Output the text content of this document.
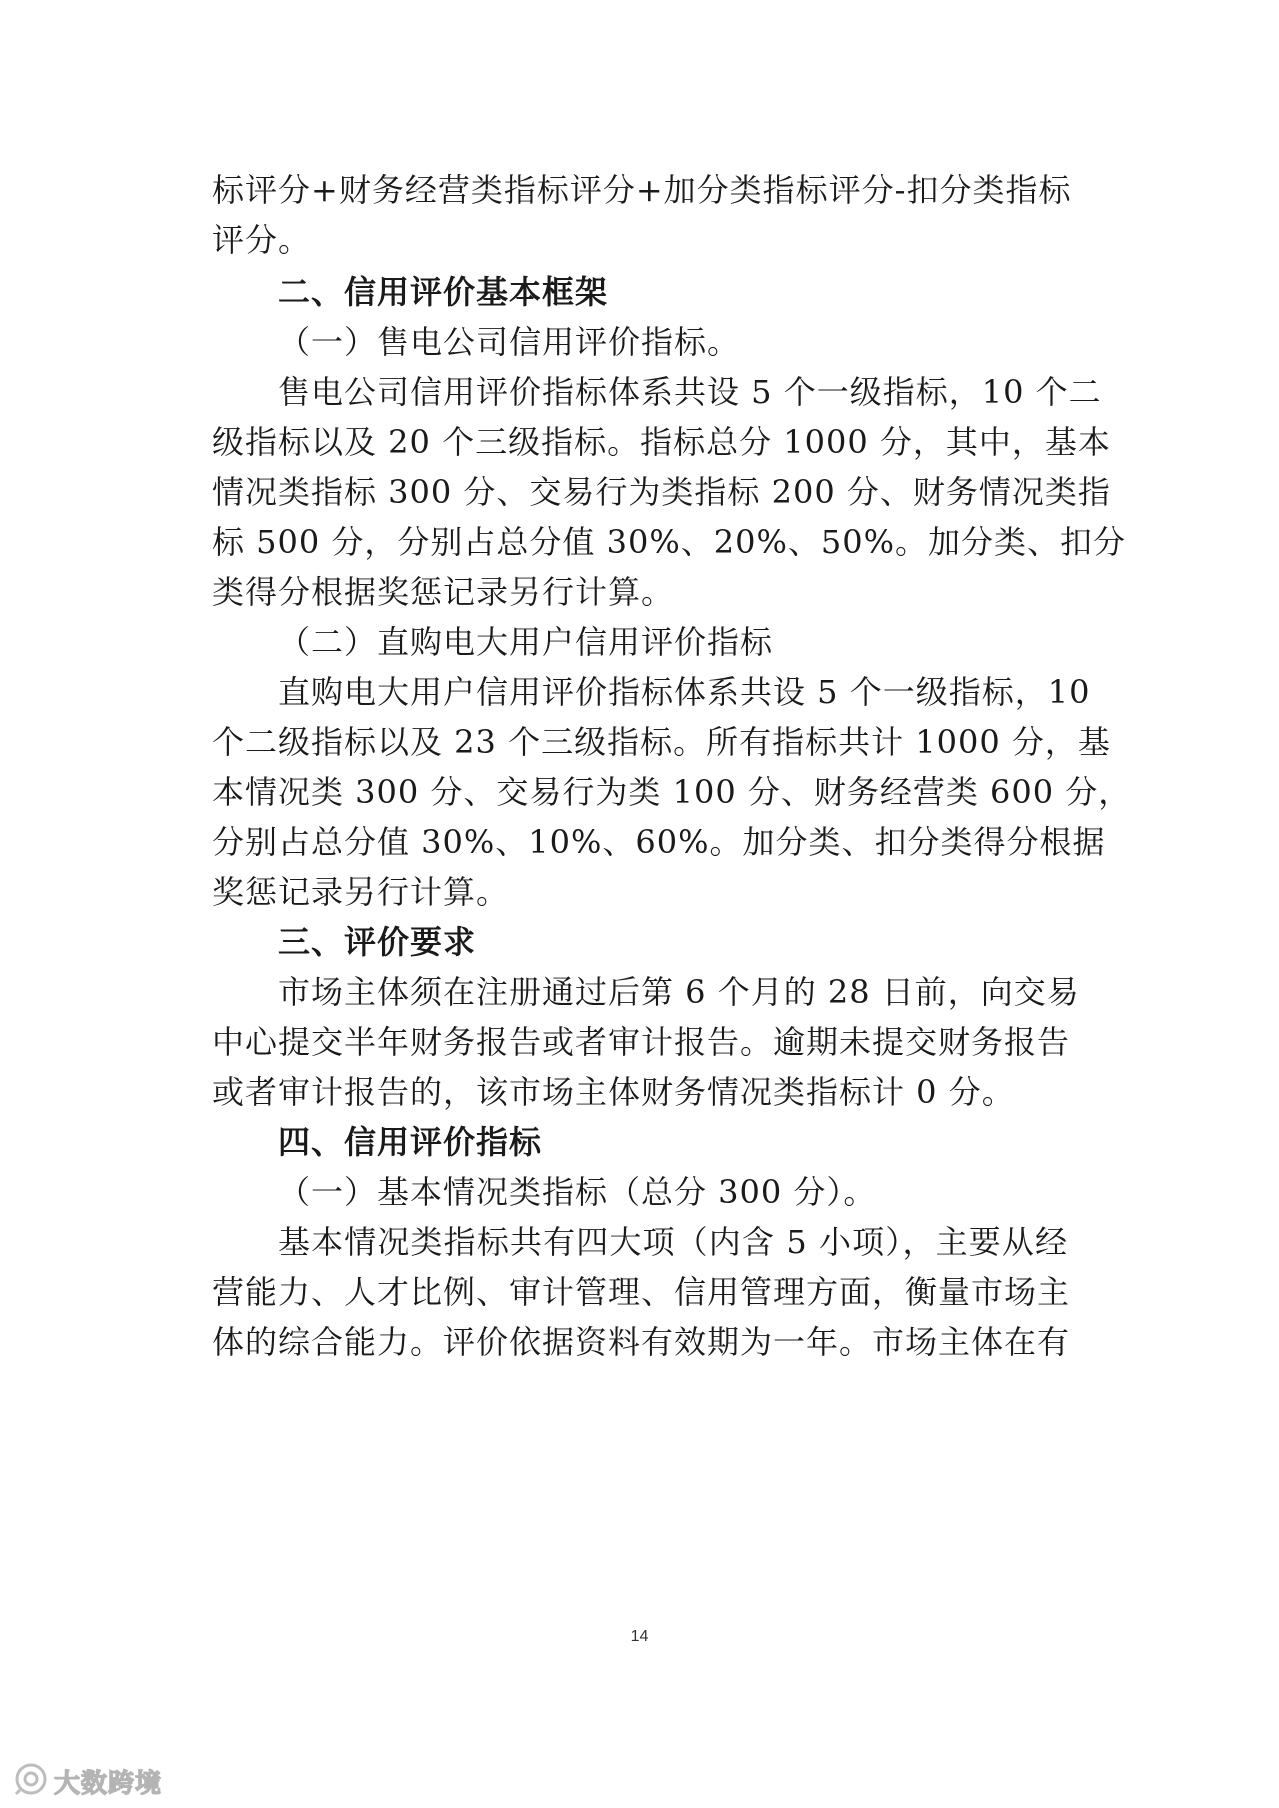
标评分+财务经营类指标评分+加分类指标评分-扣分类指标
评分。
二、信用评价基本框架
（一）售电公司信用评价指标。
售电公司信用评价指标体系共设 5 个一级指标，10 个二
级指标以及 20 个三级指标。指标总分 1000 分，其中，基本
情况类指标 300 分、交易行为类指标 200 分、财务情况类指
标 500 分，分别占总分值 30%、20%、50%。加分类、扣分
类得分根据奖惩记录另行计算。
（二）直购电大用户信用评价指标
直购电大用户信用评价指标体系共设 5 个一级指标，10
个二级指标以及 23 个三级指标。所有指标共计 1000 分，基
本情况类 300 分、交易行为类 100 分、财务经营类 600 分，
分别占总分值 30%、10%、60%。加分类、扣分类得分根据
奖惩记录另行计算。
三、评价要求
市场主体须在注册通过后第 6 个月的 28 日前，向交易
中心提交半年财务报告或者审计报告。逾期未提交财务报告
或者审计报告的，该市场主体财务情况类指标计 0 分。
四、信用评价指标
（一）基本情况类指标（总分 300 分）。
基本情况类指标共有四大项（内含 5 小项），主要从经
营能力、人才比例、审计管理、信用管理方面，衡量市场主
体的综合能力。评价依据资料有效期为一年。市场主体在有
14
大数跨境
